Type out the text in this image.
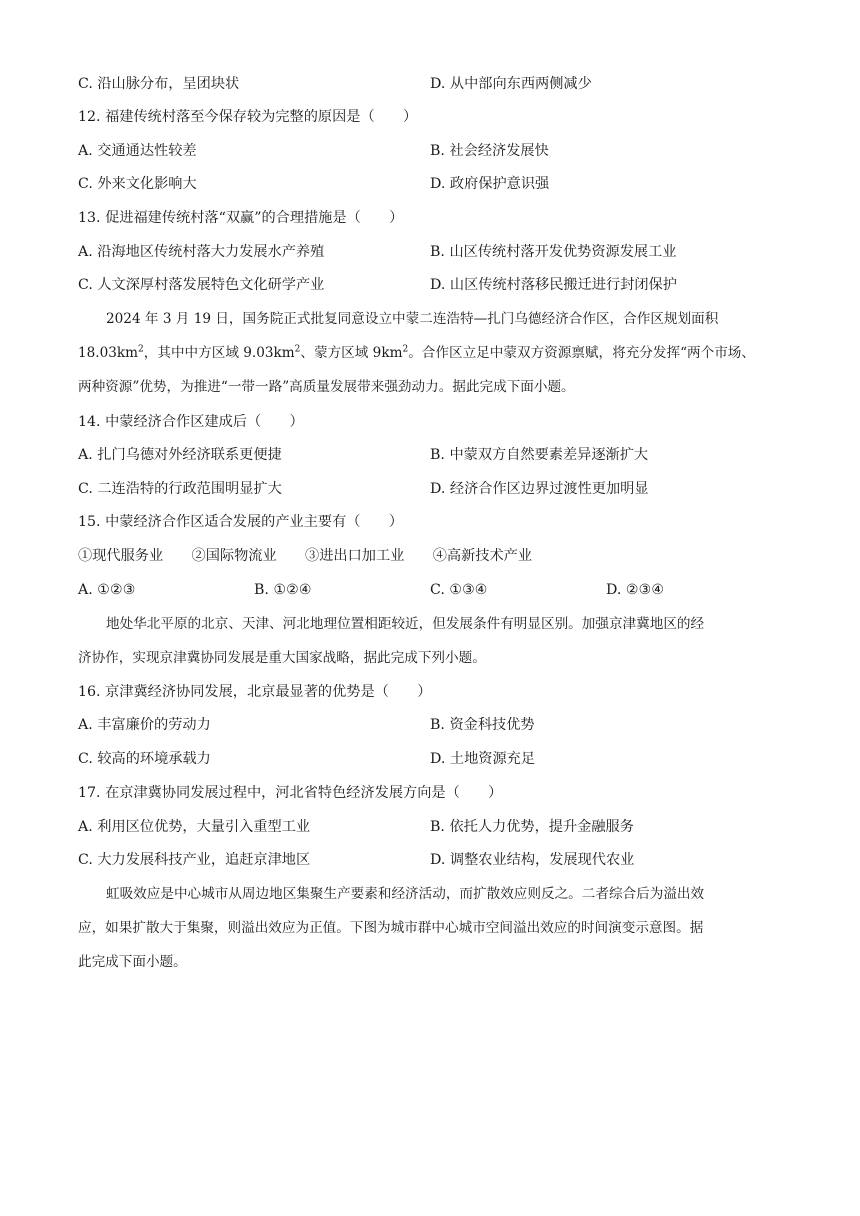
C. 沿山脉分布，呈团块状	D. 从中部向东西两侧减少
12. 福建传统村落至今保存较为完整的原因是（　　）
A. 交通通达性较差	B. 社会经济发展快
C. 外来文化影响大	D. 政府保护意识强
13. 促进福建传统村落“双赢”的合理措施是（　　）
A. 沿海地区传统村落大力发展水产养殖	B. 山区传统村落开发优势资源发展工业
C. 人文深厚村落发展特色文化研学产业	D. 山区传统村落移民搬迁进行封闭保护
2024 年 3 月 19 日，国务院正式批复同意设立中蒙二连浩特—扎门乌德经济合作区，合作区规划面积
$18.03km^2$，其中中方区域 $9.03km^2$、蒙方区域 $9km^2$。合作区立足中蒙双方资源禀赋，将充分发挥“两个市场、
两种资源”优势，为推进“一带一路”高质量发展带来强劲动力。据此完成下面小题。
14. 中蒙经济合作区建成后（　　）
A. 扎门乌德对外经济联系更便捷	B. 中蒙双方自然要素差异逐渐扩大
C. 二连浩特的行政范围明显扩大	D. 经济合作区边界过渡性更加明显
15. 中蒙经济合作区适合发展的产业主要有（　　）
①现代服务业　　②国际物流业　　③进出口加工业　　④高新技术产业
A. ①②③	B. ①②④	C. ①③④	D. ②③④
地处华北平原的北京、天津、河北地理位置相距较近，但发展条件有明显区别。加强京津冀地区的经
济协作，实现京津冀协同发展是重大国家战略，据此完成下列小题。
16. 京津冀经济协同发展，北京最显著的优势是（　　）
A. 丰富廉价的劳动力	B. 资金科技优势
C. 较高的环境承载力	D. 土地资源充足
17. 在京津冀协同发展过程中，河北省特色经济发展方向是（　　）
A. 利用区位优势，大量引入重型工业	B. 依托人力优势，提升金融服务
C. 大力发展科技产业，追赶京津地区	D. 调整农业结构，发展现代农业
虹吸效应是中心城市从周边地区集聚生产要素和经济活动，而扩散效应则反之。二者综合后为溢出效
应，如果扩散大于集聚，则溢出效应为正值。下图为城市群中心城市空间溢出效应的时间演变示意图。据
此完成下面小题。
